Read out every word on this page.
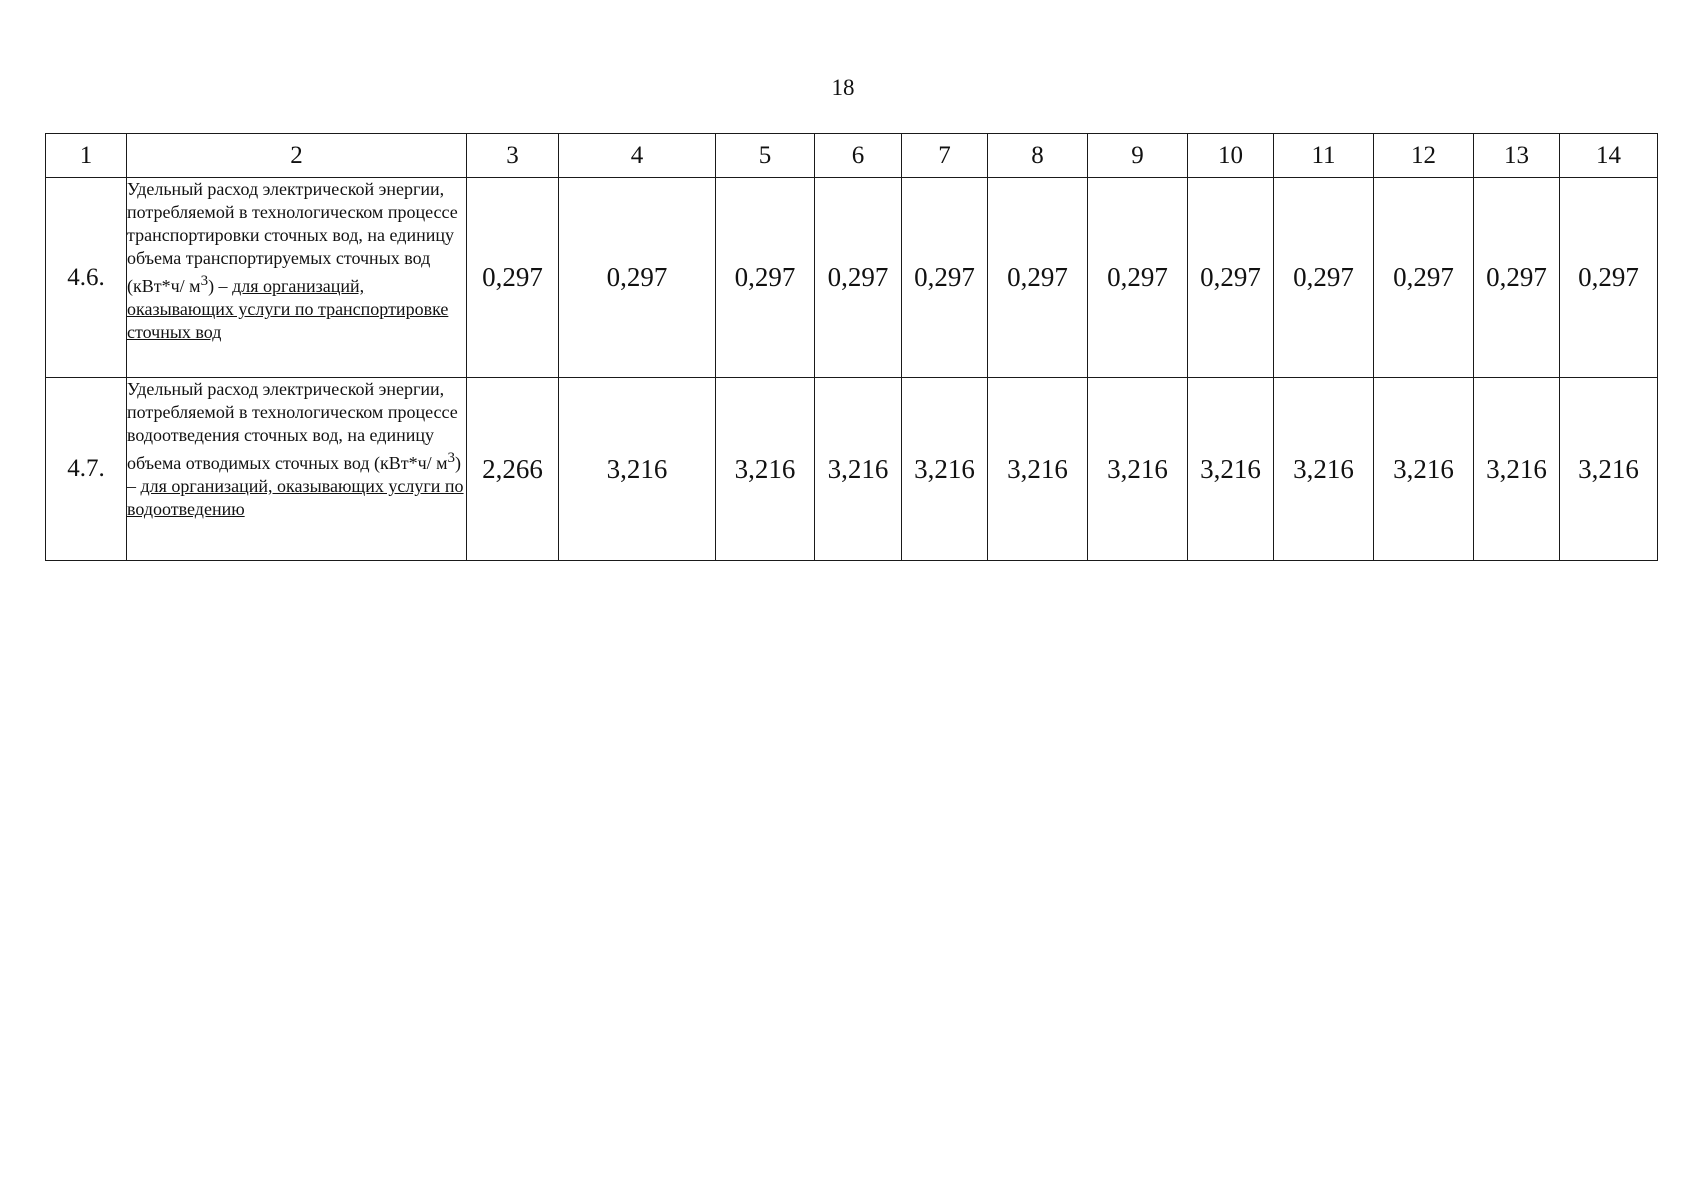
18
1	2	3	4	5	6	7	8	9	10	11	12	13	14
4.6.	Удельный расход электрической энергии, потребляемой в технологическом процессе транспортировки сточных вод, на единицу объема транспортируемых сточных вод (кВт*ч/ $м^3$) – для организаций, оказывающих услуги по транспортировке сточных вод	0,297	0,297	0,297	0,297	0,297	0,297	0,297	0,297	0,297	0,297	0,297	0,297
4.7.	Удельный расход электрической энергии, потребляемой в технологическом процессе водоотведения сточных вод, на единицу объема отводимых сточных вод (кВт*ч/ $м^3$) – для организаций, оказывающих услуги по водоотведению	2,266	3,216	3,216	3,216	3,216	3,216	3,216	3,216	3,216	3,216	3,216	3,216
